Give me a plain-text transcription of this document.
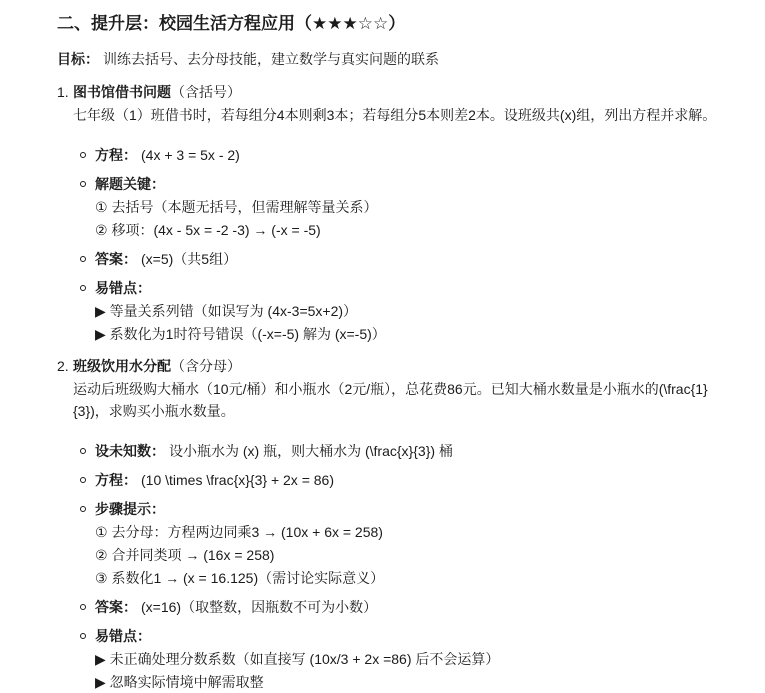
二、提升层：校园生活方程应用（★★★☆☆）

目标： 训练去括号、去分母技能，建立数学与真实问题的联系

1. 图书馆借书问题（含括号）

七年级（1）班借书时，若每组分4本则剩3本；若每组分5本则差2本。设班级共(x)组，列出方程并求解。

方程： (4x + 3 = 5x - 2)
解题关键：
① 去括号（本题无括号，但需理解等量关系）
② 移项：(4x - 5x = -2 -3) → (-x = -5)
答案： (x=5)（共5组）
易错点：
▶ 等量关系列错（如误写为 (4x-3=5x+2)）
▶ 系数化为1时符号错误（(-x=-5) 解为 (x=-5)）
2. 班级饮用水分配（含分母）

运动后班级购大桶水（10元/桶）和小瓶水（2元/瓶），总花费86元。已知大桶水数量是小瓶水的(\frac{1}{3})，求购买小瓶水数量。

设未知数： 设小瓶水为 (x) 瓶，则大桶水为 (\frac{x}{3}) 桶
方程： (10 \times \frac{x}{3} + 2x = 86)
步骤提示：
① 去分母：方程两边同乘3 → (10x + 6x = 258)
② 合并同类项 → (16x = 258)
③ 系数化1 → (x = 16.125)（需讨论实际意义）
答案： (x=16)（取整数，因瓶数不可为小数）
易错点：
▶ 未正确处理分数系数（如直接写 (10x/3 + 2x =86) 后不会运算）
▶ 忽略实际情境中解需取整
